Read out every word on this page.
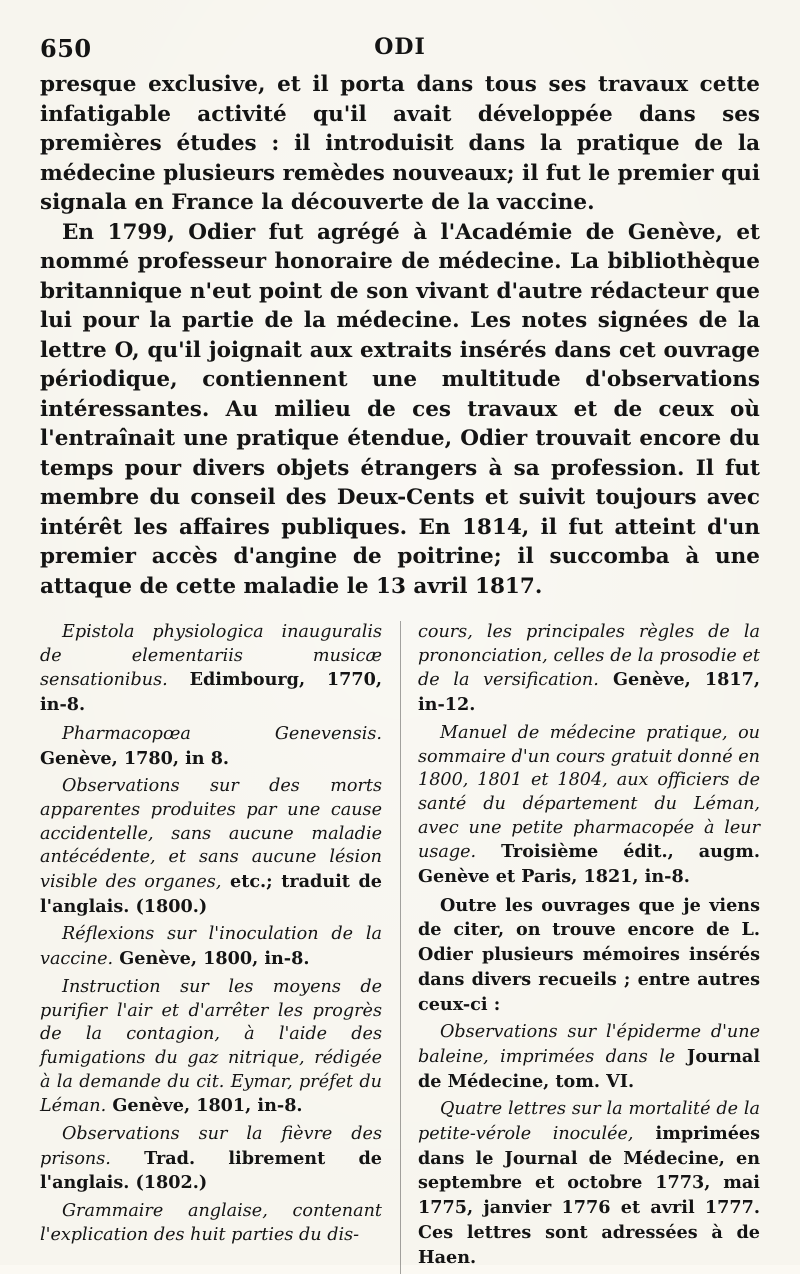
650	ODI

presque exclusive, et il porta dans tous ses travaux cette infatigable activité qu'il avait développée dans ses premières études : il introduisit dans la pratique de la médecine plusieurs remèdes nouveaux; il fut le premier qui signala en France la découverte de la vaccine.

En 1799, Odier fut agrégé à l'Académie de Genève, et nommé professeur honoraire de médecine. La bibliothèque britannique n'eut point de son vivant d'autre rédacteur que lui pour la partie de la médecine. Les notes signées de la lettre O, qu'il joignait aux extraits insérés dans cet ouvrage périodique, contiennent une multitude d'observations intéressantes. Au milieu de ces travaux et de ceux où l'entraînait une pratique étendue, Odier trouvait encore du temps pour divers objets étrangers à sa profession. Il fut membre du conseil des Deux-Cents et suivit toujours avec intérêt les affaires publiques. En 1814, il fut atteint d'un premier accès d'angine de poitrine; il succomba à une attaque de cette maladie le 13 avril 1817.

Epistola physiologica inauguralis de elementariis musicæ sensationibus. Edimbourg, 1770, in-8.

Pharmacopœa Genevensis. Genève, 1780, in 8.

Observations sur des morts apparentes produites par une cause accidentelle, sans aucune maladie antécédente, et sans aucune lésion visible des organes, etc.; traduit de l'anglais. (1800.)

Réflexions sur l'inoculation de la vaccine. Genève, 1800, in-8.

Instruction sur les moyens de purifier l'air et d'arrêter les progrès de la contagion, à l'aide des fumigations du gaz nitrique, rédigée à la demande du cit. Eymar, préfet du Léman. Genève, 1801, in-8.

Observations sur la fièvre des prisons. Trad. librement de l'anglais. (1802.)

Grammaire anglaise, contenant l'explication des huit parties du dis-

cours, les principales règles de la prononciation, celles de la prosodie et de la versification. Genève, 1817, in-12.

Manuel de médecine pratique, ou sommaire d'un cours gratuit donné en 1800, 1801 et 1804, aux officiers de santé du département du Léman, avec une petite pharmacopée à leur usage. Troisième édit., augm. Genève et Paris, 1821, in-8.

Outre les ouvrages que je viens de citer, on trouve encore de L. Odier plusieurs mémoires insérés dans divers recueils ; entre autres ceux-ci :

Observations sur l'épiderme d'une baleine, imprimées dans le Journal de Médecine, tom. VI.

Quatre lettres sur la mortalité de la petite-vérole inoculée, imprimées dans le Journal de Médecine, en septembre et octobre 1773, mai 1775, janvier 1776 et avril 1777. Ces lettres sont adressées à de Haen.
